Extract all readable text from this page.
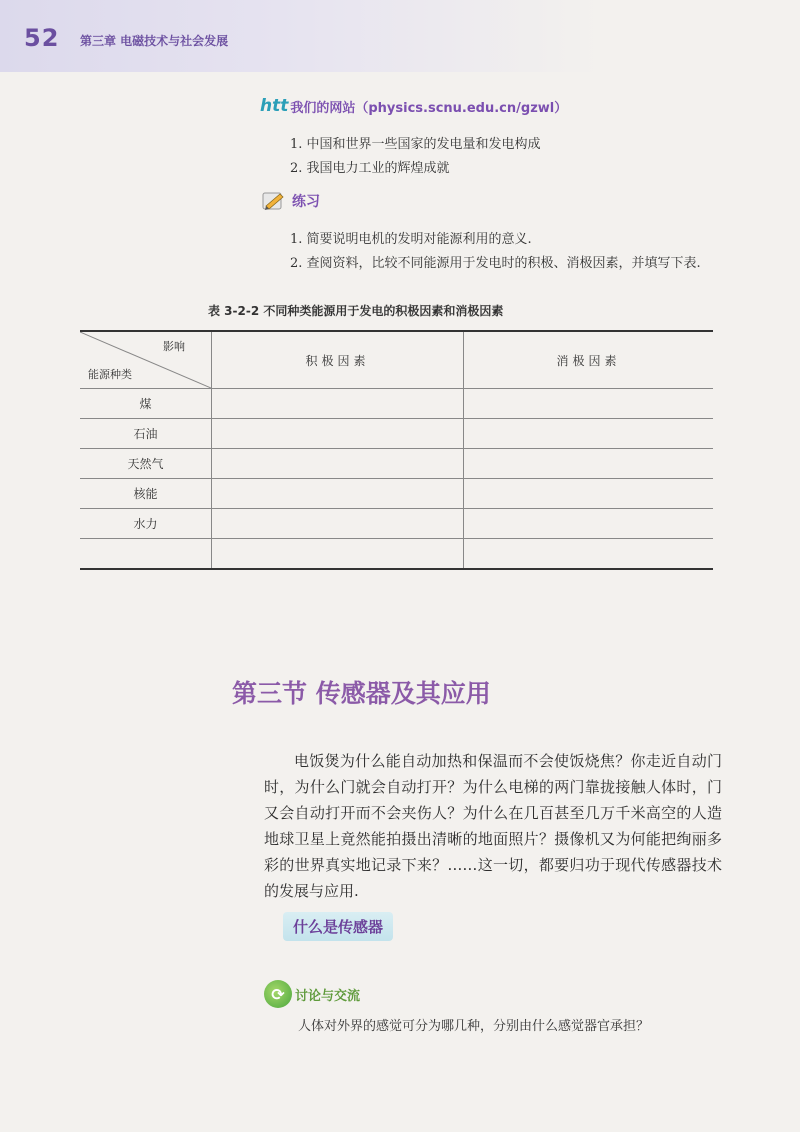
52 第三章 电磁技术与社会发展
htt 我们的网站（physics.scnu.edu.cn/gzwl）
1. 中国和世界一些国家的发电量和发电构成
2. 我国电力工业的辉煌成就
练习
1. 简要说明电机的发明对能源利用的意义.
2. 查阅资料，比较不同能源用于发电时的积极、消极因素，并填写下表.
表 3-2-2 不同种类能源用于发电的积极因素和消极因素
影响
能源种类	积极因素	消极因素
煤		
石油		
天然气		
核能		
水力		

第三节 传感器及其应用
电饭煲为什么能自动加热和保温而不会使饭烧焦？你走近自动门时，为什么门就会自动打开？为什么电梯的两门靠拢接触人体时，门又会自动打开而不会夹伤人？为什么在几百甚至几万千米高空的人造地球卫星上竟然能拍摄出清晰的地面照片？摄像机又为何能把绚丽多彩的世界真实地记录下来？……这一切，都要归功于现代传感器技术的发展与应用.
什么是传感器
⟳ 讨论与交流
人体对外界的感觉可分为哪几种，分别由什么感觉器官承担？
